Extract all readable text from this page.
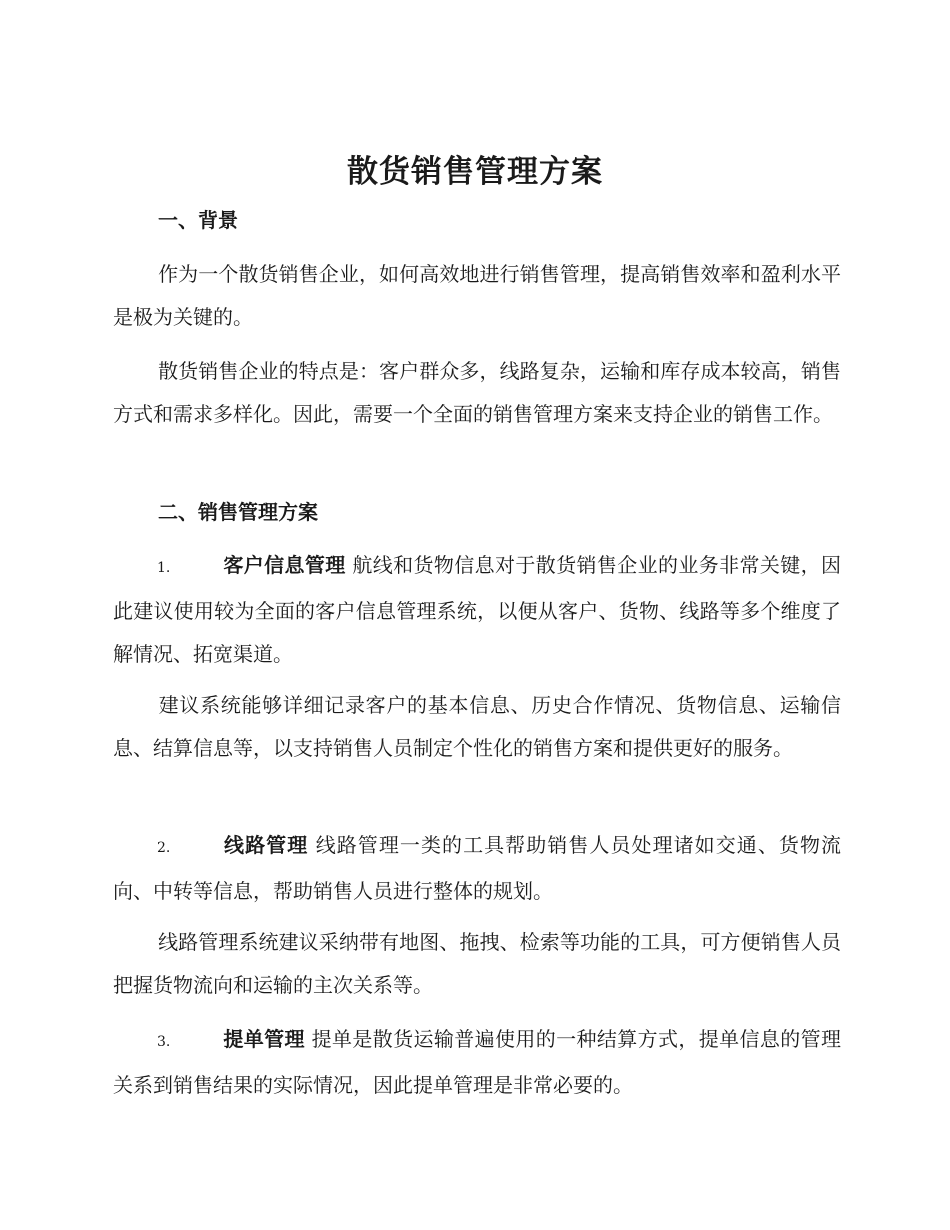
散货销售管理方案
一、背景
作为一个散货销售企业，如何高效地进行销售管理，提高销售效率和盈利水平是极为关键的。
散货销售企业的特点是：客户群众多，线路复杂，运输和库存成本较高，销售方式和需求多样化。因此，需要一个全面的销售管理方案来支持企业的销售工作。
二、销售管理方案
1.	客户信息管理 航线和货物信息对于散货销售企业的业务非常关键，因此建议使用较为全面的客户信息管理系统，以便从客户、货物、线路等多个维度了解情况、拓宽渠道。
建议系统能够详细记录客户的基本信息、历史合作情况、货物信息、运输信息、结算信息等，以支持销售人员制定个性化的销售方案和提供更好的服务。
2.	线路管理 线路管理一类的工具帮助销售人员处理诸如交通、货物流向、中转等信息，帮助销售人员进行整体的规划。
线路管理系统建议采纳带有地图、拖拽、检索等功能的工具，可方便销售人员把握货物流向和运输的主次关系等。
3.	提单管理 提单是散货运输普遍使用的一种结算方式，提单信息的管理关系到销售结果的实际情况，因此提单管理是非常必要的。
